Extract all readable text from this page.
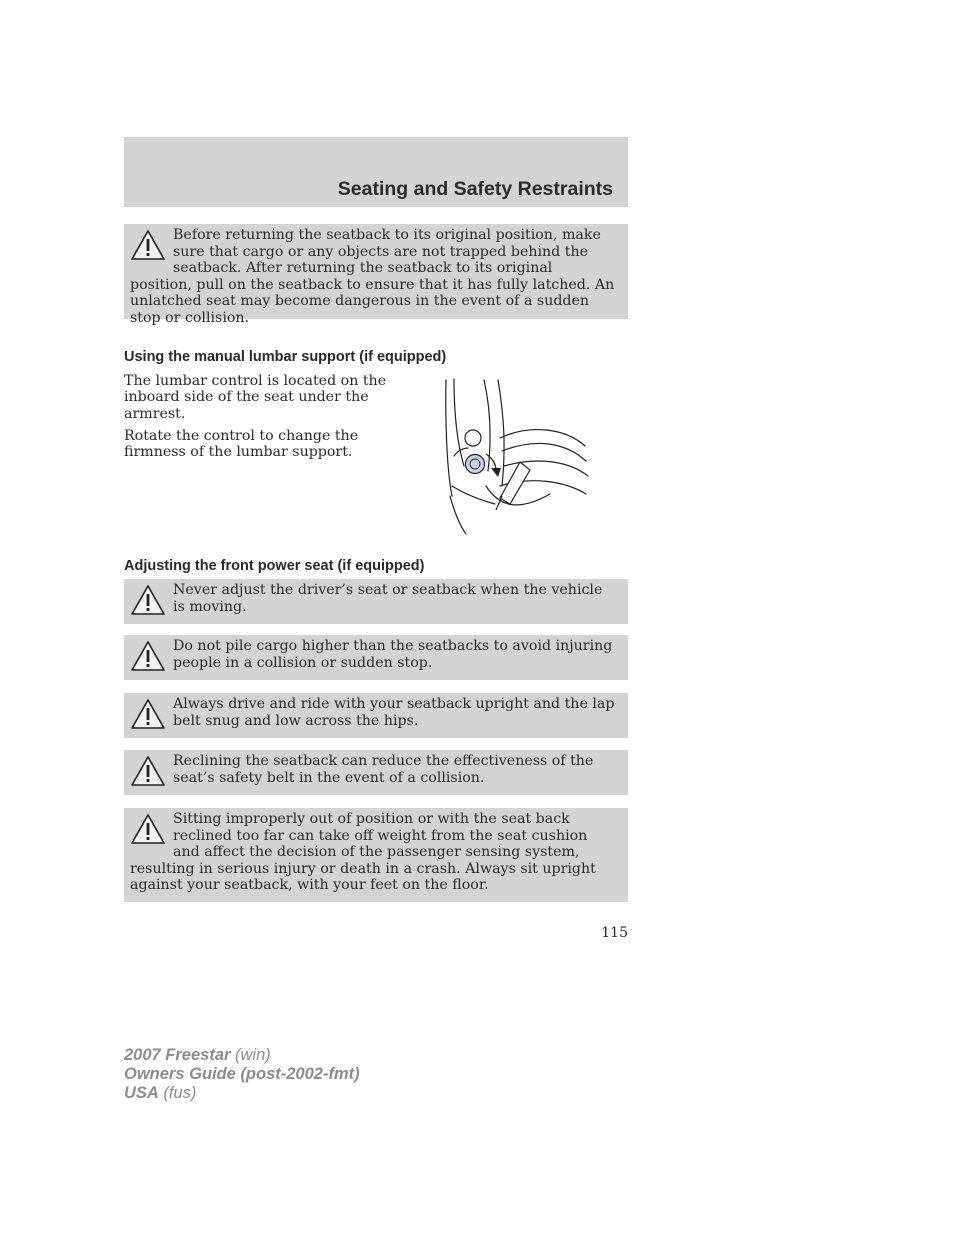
Seating and Safety Restraints
Before returning the seatback to its original position, make sure that cargo or any objects are not trapped behind the seatback. After returning the seatback to its original position, pull on the seatback to ensure that it has fully latched. An unlatched seat may become dangerous in the event of a sudden stop or collision.
Using the manual lumbar support (if equipped)

The lumbar control is located on the inboard side of the seat under the armrest.

Rotate the control to change the firmness of the lumbar support.

Adjusting the front power seat (if equipped)
Never adjust the driver’s seat or seatback when the vehicle is moving.
Do not pile cargo higher than the seatbacks to avoid injuring people in a collision or sudden stop.
Always drive and ride with your seatback upright and the lap belt snug and low across the hips.
Reclining the seatback can reduce the effectiveness of the seat’s safety belt in the event of a collision.
Sitting improperly out of position or with the seat back reclined too far can take off weight from the seat cushion and affect the decision of the passenger sensing system, resulting in serious injury or death in a crash. Always sit upright against your seatback, with your feet on the floor.
115
2007 Freestar (win)
Owners Guide (post-2002-fmt)
USA (fus)
